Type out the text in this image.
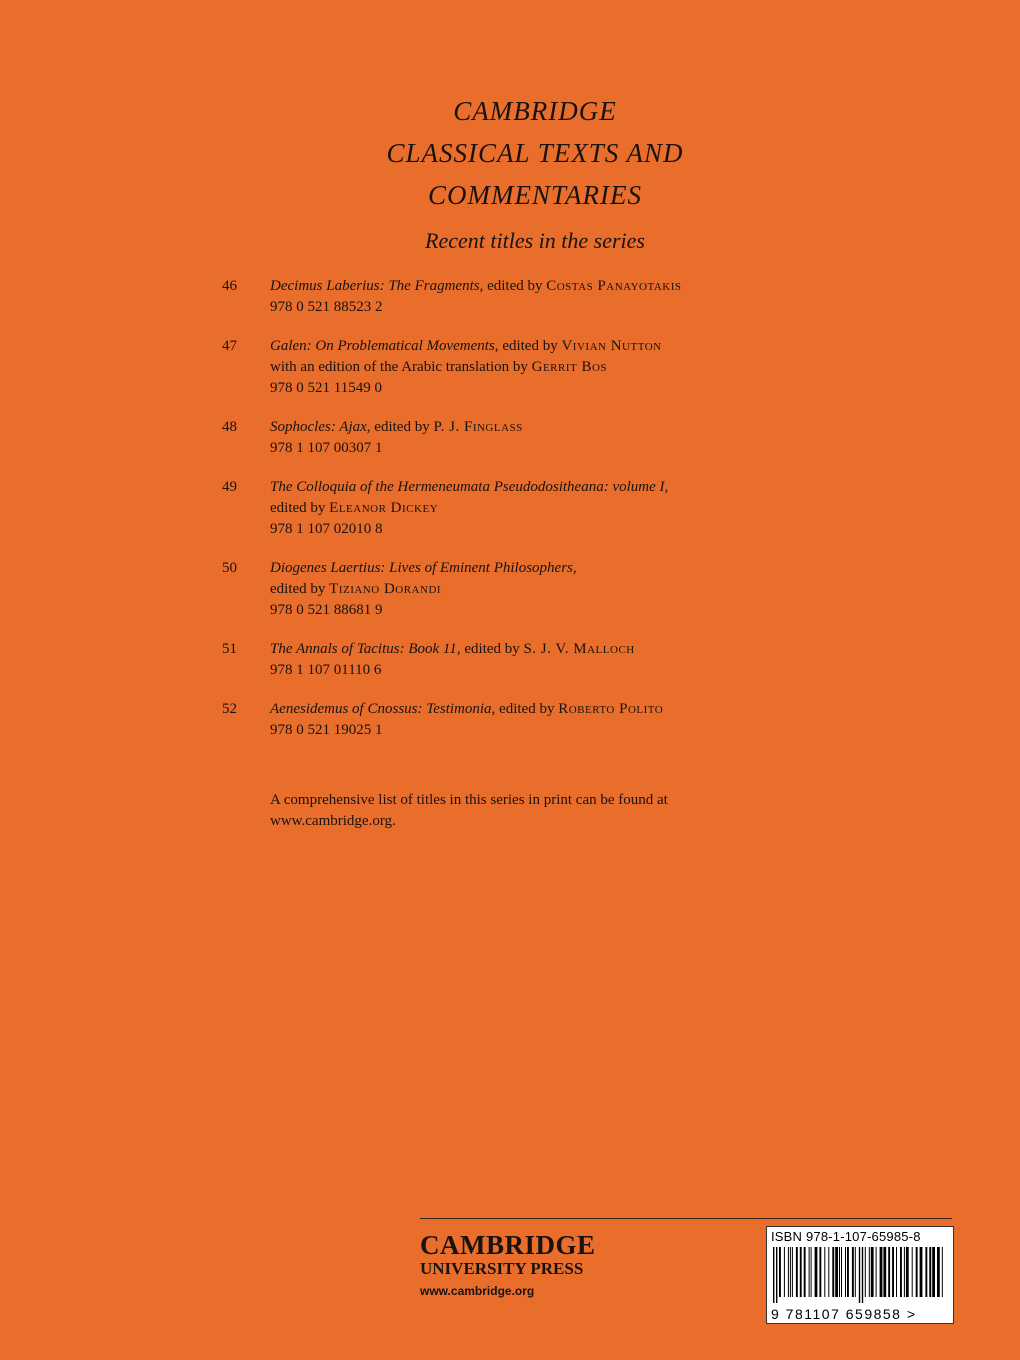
CAMBRIDGE
CLASSICAL TEXTS AND
COMMENTARIES
Recent titles in the series
46 Decimus Laberius: The Fragments, edited by Costas Panayotakis
978 0 521 88523 2
47 Galen: On Problematical Movements, edited by Vivian Nutton
with an edition of the Arabic translation by Gerrit Bos
978 0 521 11549 0
48 Sophocles: Ajax, edited by P. J. Finglass
978 1 107 00307 1
49 The Colloquia of the Hermeneumata Pseudodositheana: volume I,
edited by Eleanor Dickey
978 1 107 02010 8
50 Diogenes Laertius: Lives of Eminent Philosophers,
edited by Tiziano Dorandi
978 0 521 88681 9
51 The Annals of Tacitus: Book 11, edited by S. J. V. Malloch
978 1 107 01110 6
52 Aenesidemus of Cnossus: Testimonia, edited by Roberto Polito
978 0 521 19025 1
A comprehensive list of titles in this series in print can be found at
www.cambridge.org.
CAMBRIDGE
UNIVERSITY PRESS
www.cambridge.org
ISBN 978-1-107-65985-8
9 781107 659858 >
